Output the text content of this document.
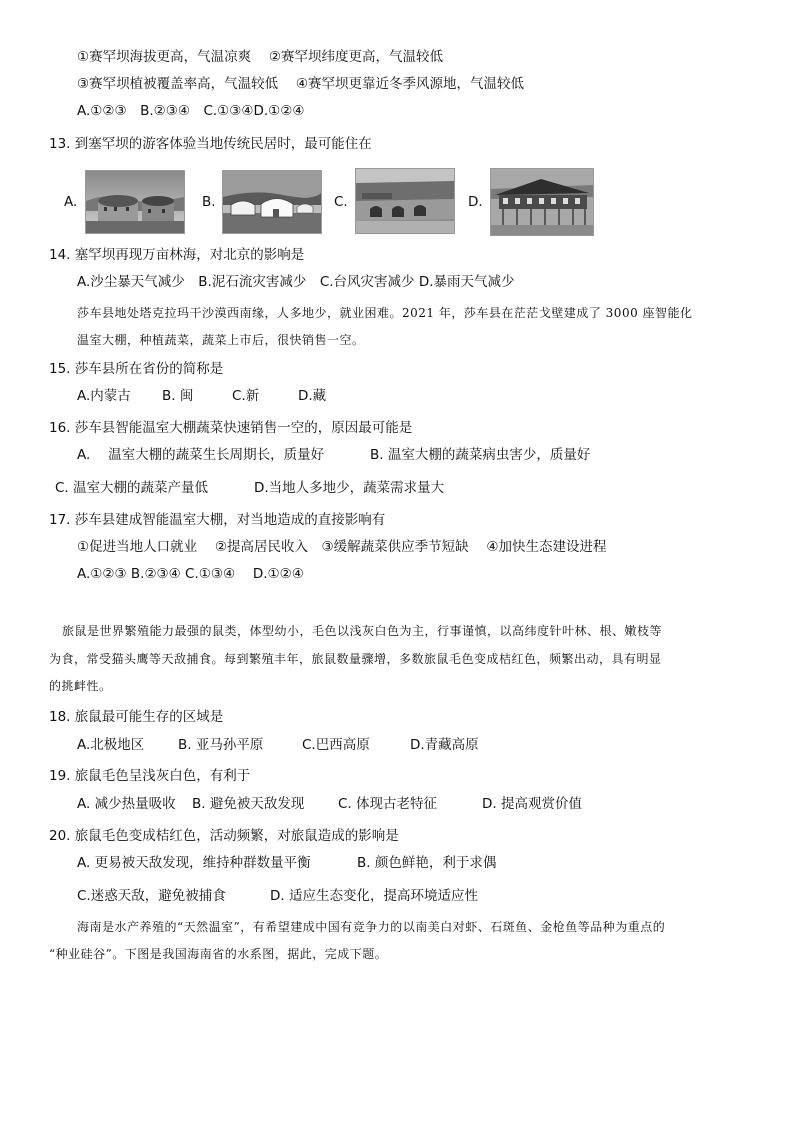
①赛罕坝海拔更高，气温凉爽　 ②赛罕坝纬度更高，气温较低
③赛罕坝植被覆盖率高，气温较低　 ④赛罕坝更靠近冬季风源地，气温较低
A.①②③　B.②③④　C.①③④D.①②④
13. 到塞罕坝的游客体验当地传统民居时，最可能住在
A.	B.	C.	D.
14. 塞罕坝再现万亩林海，对北京的影响是
A.沙尘暴天气减少　B.泥石流灾害减少　C.台风灾害减少 D.暴雨天气减少
莎车县地处塔克拉玛干沙漠西南缘，人多地少，就业困难。2021 年，莎车县在茫茫戈壁建成了 3000 座智能化
温室大棚，种植蔬菜，蔬菜上市后，很快销售一空。
15. 莎车县所在省份的简称是
A.内蒙古 B. 闽	C.新	D.藏
16. 莎车县智能温室大棚蔬菜快速销售一空的，原因最可能是
A.　 温室大棚的蔬菜生长周期长，质量好	B. 温室大棚的蔬菜病虫害少，质量好
C. 温室大棚的蔬菜产量低	D.当地人多地少，蔬菜需求量大
17. 莎车县建成智能温室大棚，对当地造成的直接影响有
①促进当地人口就业　 ②提高居民收入　③缓解蔬菜供应季节短缺　 ④加快生态建设进程
A.①②③ B.②③④ C.①③④　 D.①②④
旅鼠是世界繁殖能力最强的鼠类，体型幼小，毛色以浅灰白色为主，行事谨慎，以高纬度针叶林、根、嫩枝等
为食，常受猫头鹰等天敌捕食。每到繁殖丰年，旅鼠数量骤增，多数旅鼠毛色变成桔红色，频繁出动，具有明显
的挑衅性。
18. 旅鼠最可能生存的区域是
A.北极地区 B. 亚马孙平原	C.巴西高原	D.青藏高原
19. 旅鼠毛色呈浅灰白色，有利于
A. 减少热量吸收 B. 避免被天敌发现 C. 体现古老特征	D. 提高观赏价值
20. 旅鼠毛色变成桔红色，活动频繁，对旅鼠造成的影响是
A. 更易被天敌发现，维持种群数量平衡	B. 颜色鲜艳，利于求偶
C.迷惑天敌，避免被捕食	D. 适应生态变化，提高环境适应性
海南是水产养殖的“天然温室”，有希望建成中国有竞争力的以南美白对虾、石斑鱼、金枪鱼等品种为重点的
“种业硅谷”。下图是我国海南省的水系图，据此，完成下题。
